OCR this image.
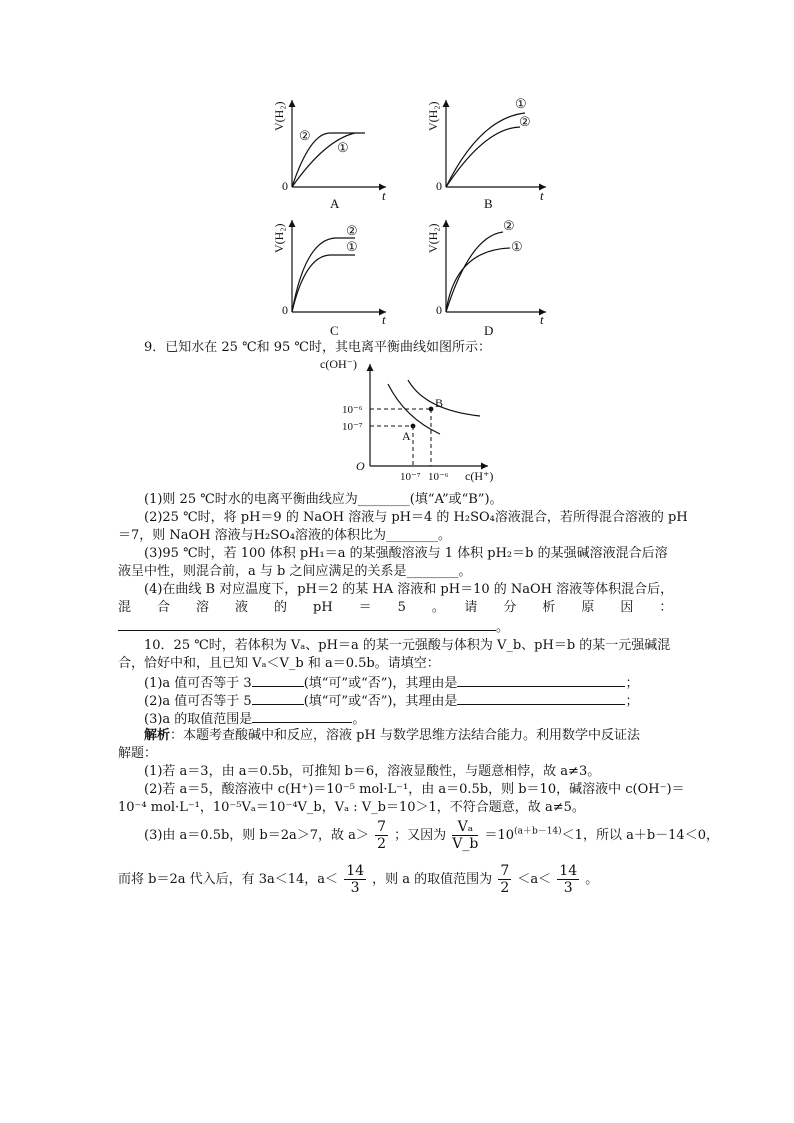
V(H₂)
t
0
②
①
A
V(H₂)
t
0
①
②
B
V(H₂)
t
0
②
①
C
V(H₂)
t
0
②
①
D
9．已知水在 25 ℃和 95 ℃时，其电离平衡曲线如图所示：
c(OH⁻)
c(H⁺)
O
B
A
10⁻⁶
10⁻⁷
10⁻⁷ 10⁻⁶
(1)则 25 ℃时水的电离平衡曲线应为________(填“A”或“B”)。
(2)25 ℃时，将 pH＝9 的 NaOH 溶液与 pH＝4 的 H₂SO₄溶液混合，若所得混合溶液的 pH
＝7，则 NaOH 溶液与H₂SO₄溶液的体积比为________。
(3)95 ℃时，若 100 体积 pH₁＝a 的某强酸溶液与 1 体积 pH₂＝b 的某强碱溶液混合后溶
液呈中性，则混合前，a 与 b 之间应满足的关系是________。
(4)在曲线 B 对应温度下，pH＝2 的某 HA 溶液和 pH＝10 的 NaOH 溶液等体积混合后，
混　　合　　溶　　液　　的　　pH　　＝　　5　　。　　请　　分　　析　　原　　因　　：
。
10．25 ℃时，若体积为 Vₐ、pH＝a 的某一元强酸与体积为 V_b、pH＝b 的某一元强碱混
合，恰好中和，且已知 Vₐ＜V_b 和 a＝0.5b。请填空：
(1)a 值可否等于 3	(填“可”或“否”)，其理由是	；
(2)a 值可否等于 5	(填“可”或“否”)，其理由是	；
(3)a 的取值范围是	。
解析：本题考查酸碱中和反应，溶液 pH 与数学思维方法结合能力。利用数学中反证法
解题：
(1)若 a＝3，由 a＝0.5b，可推知 b＝6，溶液显酸性，与题意相悖，故 a≠3。
(2)若 a＝5，酸溶液中 c(H⁺)＝10⁻⁵ mol·L⁻¹，由 a＝0.5b，则 b＝10，碱溶液中 c(OH⁻)＝
10⁻⁴ mol·L⁻¹，10⁻⁵Vₐ＝10⁻⁴V_b，Vₐ : V_b＝10＞1，不符合题意，故 a≠5。
(3)由 a＝0.5b，则 b＝2a＞7，故 $a> \frac{7}{2}$ ；又因为 $\frac{\text{Vₐ}}{V\_b} =10^{(a+b-14)}<1$，所以 a＋b－14＜0，
而将 b＝2a 代入后，有 3a＜14，$a< \frac{14}{3}$ ，则 a 的取值范围为 $\frac{7}{2} <a< \frac{14}{3}$ 。
